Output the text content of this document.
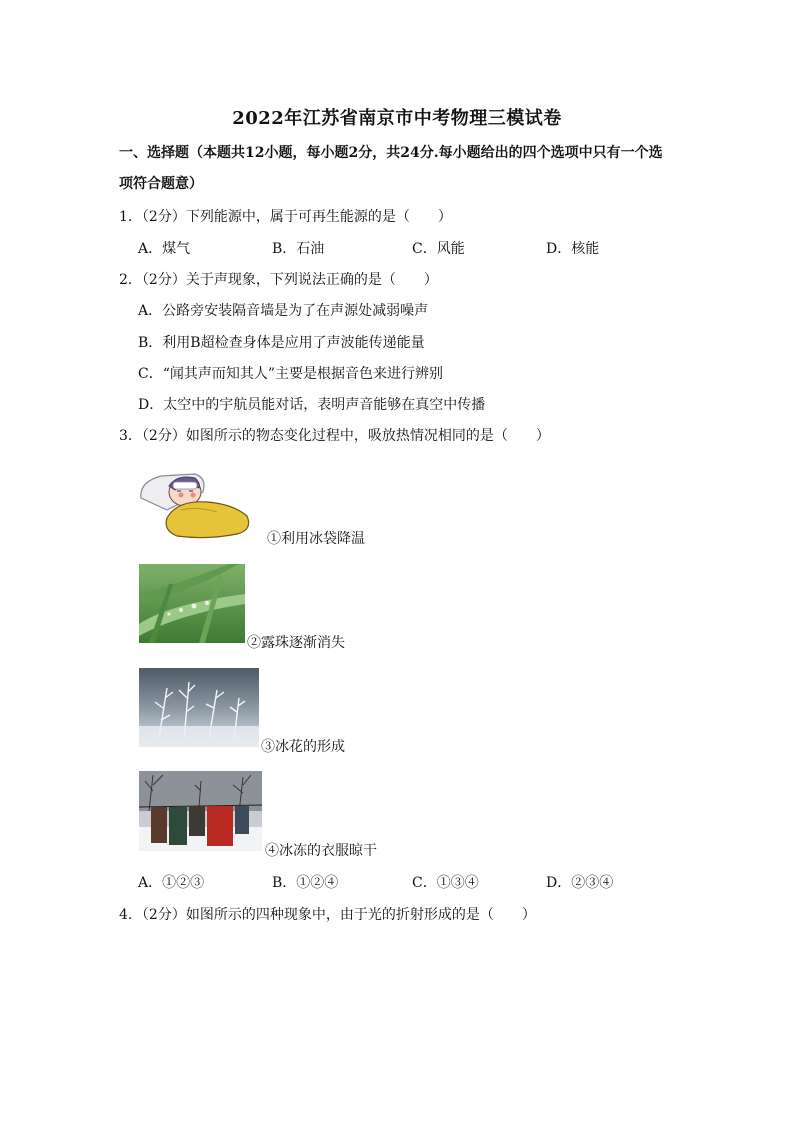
2022年江苏省南京市中考物理三模试卷
一、选择题（本题共12小题，每小题2分，共24分.每小题给出的四个选项中只有一个选
项符合题意）
1．（2分）下列能源中，属于可再生能源的是（　　）
A．煤气	B．石油	C．风能	D．核能
2．（2分）关于声现象，下列说法正确的是（　　）
A．公路旁安装隔音墙是为了在声源处减弱噪声
B．利用B超检查身体是应用了声波能传递能量
C．“闻其声而知其人”主要是根据音色来进行辨别
D．太空中的宇航员能对话，表明声音能够在真空中传播
3．（2分）如图所示的物态变化过程中，吸放热情况相同的是（　　）
①利用冰袋降温
②露珠逐渐消失
③冰花的形成
④冰冻的衣服晾干
A．①②③	B．①②④	C．①③④	D．②③④
4．（2分）如图所示的四种现象中，由于光的折射形成的是（　　）
